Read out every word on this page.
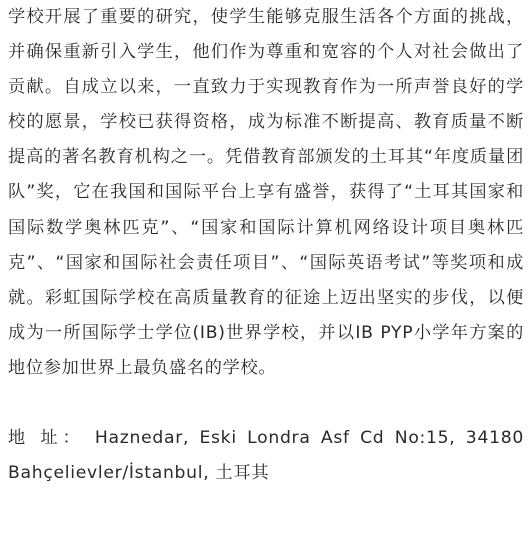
学校开展了重要的研究，使学生能够克服生活各个方面的挑战，并确保重新引入学生，他们作为尊重和宽容的个人对社会做出了贡献。自成立以来，一直致力于实现教育作为一所声誉良好的学校的愿景，学校已获得资格，成为标准不断提高、教育质量不断提高的著名教育机构之一。凭借教育部颁发的土耳其“年度质量团队”奖，它在我国和国际平台上享有盛誉，获得了“土耳其国家和国际数学奥林匹克”、“国家和国际计算机网络设计项目奥林匹克”、“国家和国际社会责任项目”、“国际英语考试”等奖项和成就。彩虹国际学校在高质量教育的征途上迈出坚实的步伐，以便成为一所国际学士学位(IB)世界学校，并以IB PYP小学年方案的地位参加世界上最负盛名的学校。

地 址： Haznedar, Eski Londra Asf Cd No:15, 34180 Bahçelievler/İstanbul, 土耳其
